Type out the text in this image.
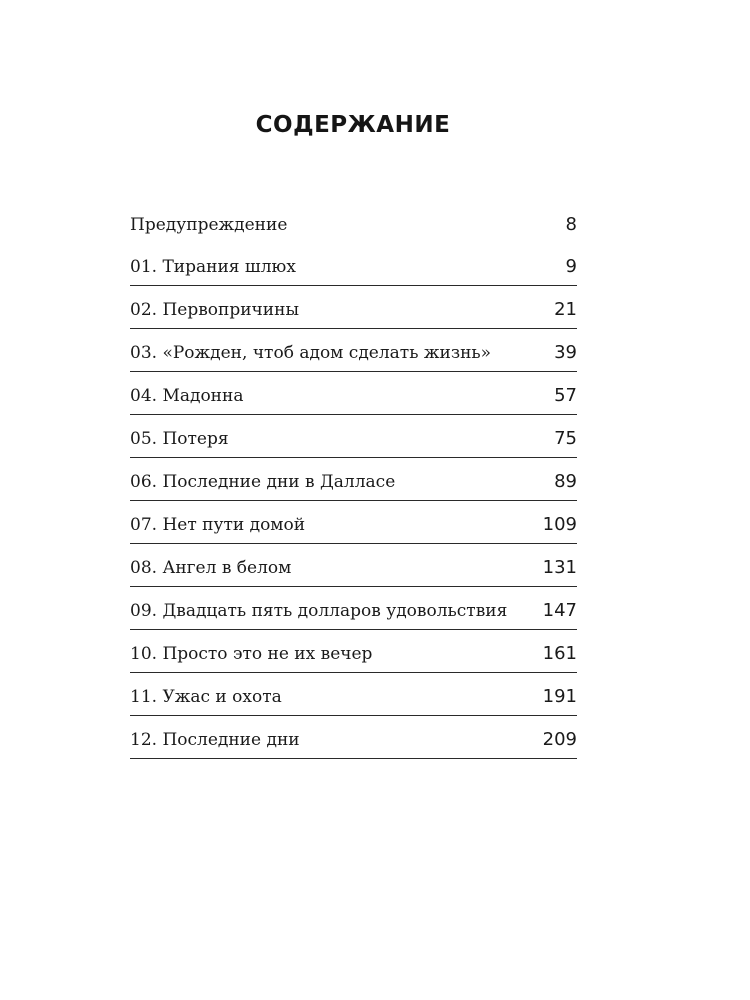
СОДЕРЖАНИЕ
Предупреждение	8
01. Тирания шлюх	9
02. Первопричины	21
03. «Рожден, чтоб адом сделать жизнь»	39
04. Мадонна	57
05. Потеря	75
06. Последние дни в Далласе	89
07. Нет пути домой	109
08. Ангел в белом	131
09. Двадцать пять долларов удовольствия 147
10. Просто это не их вечер	161
11. Ужас и охота	191
12. Последние дни	209
